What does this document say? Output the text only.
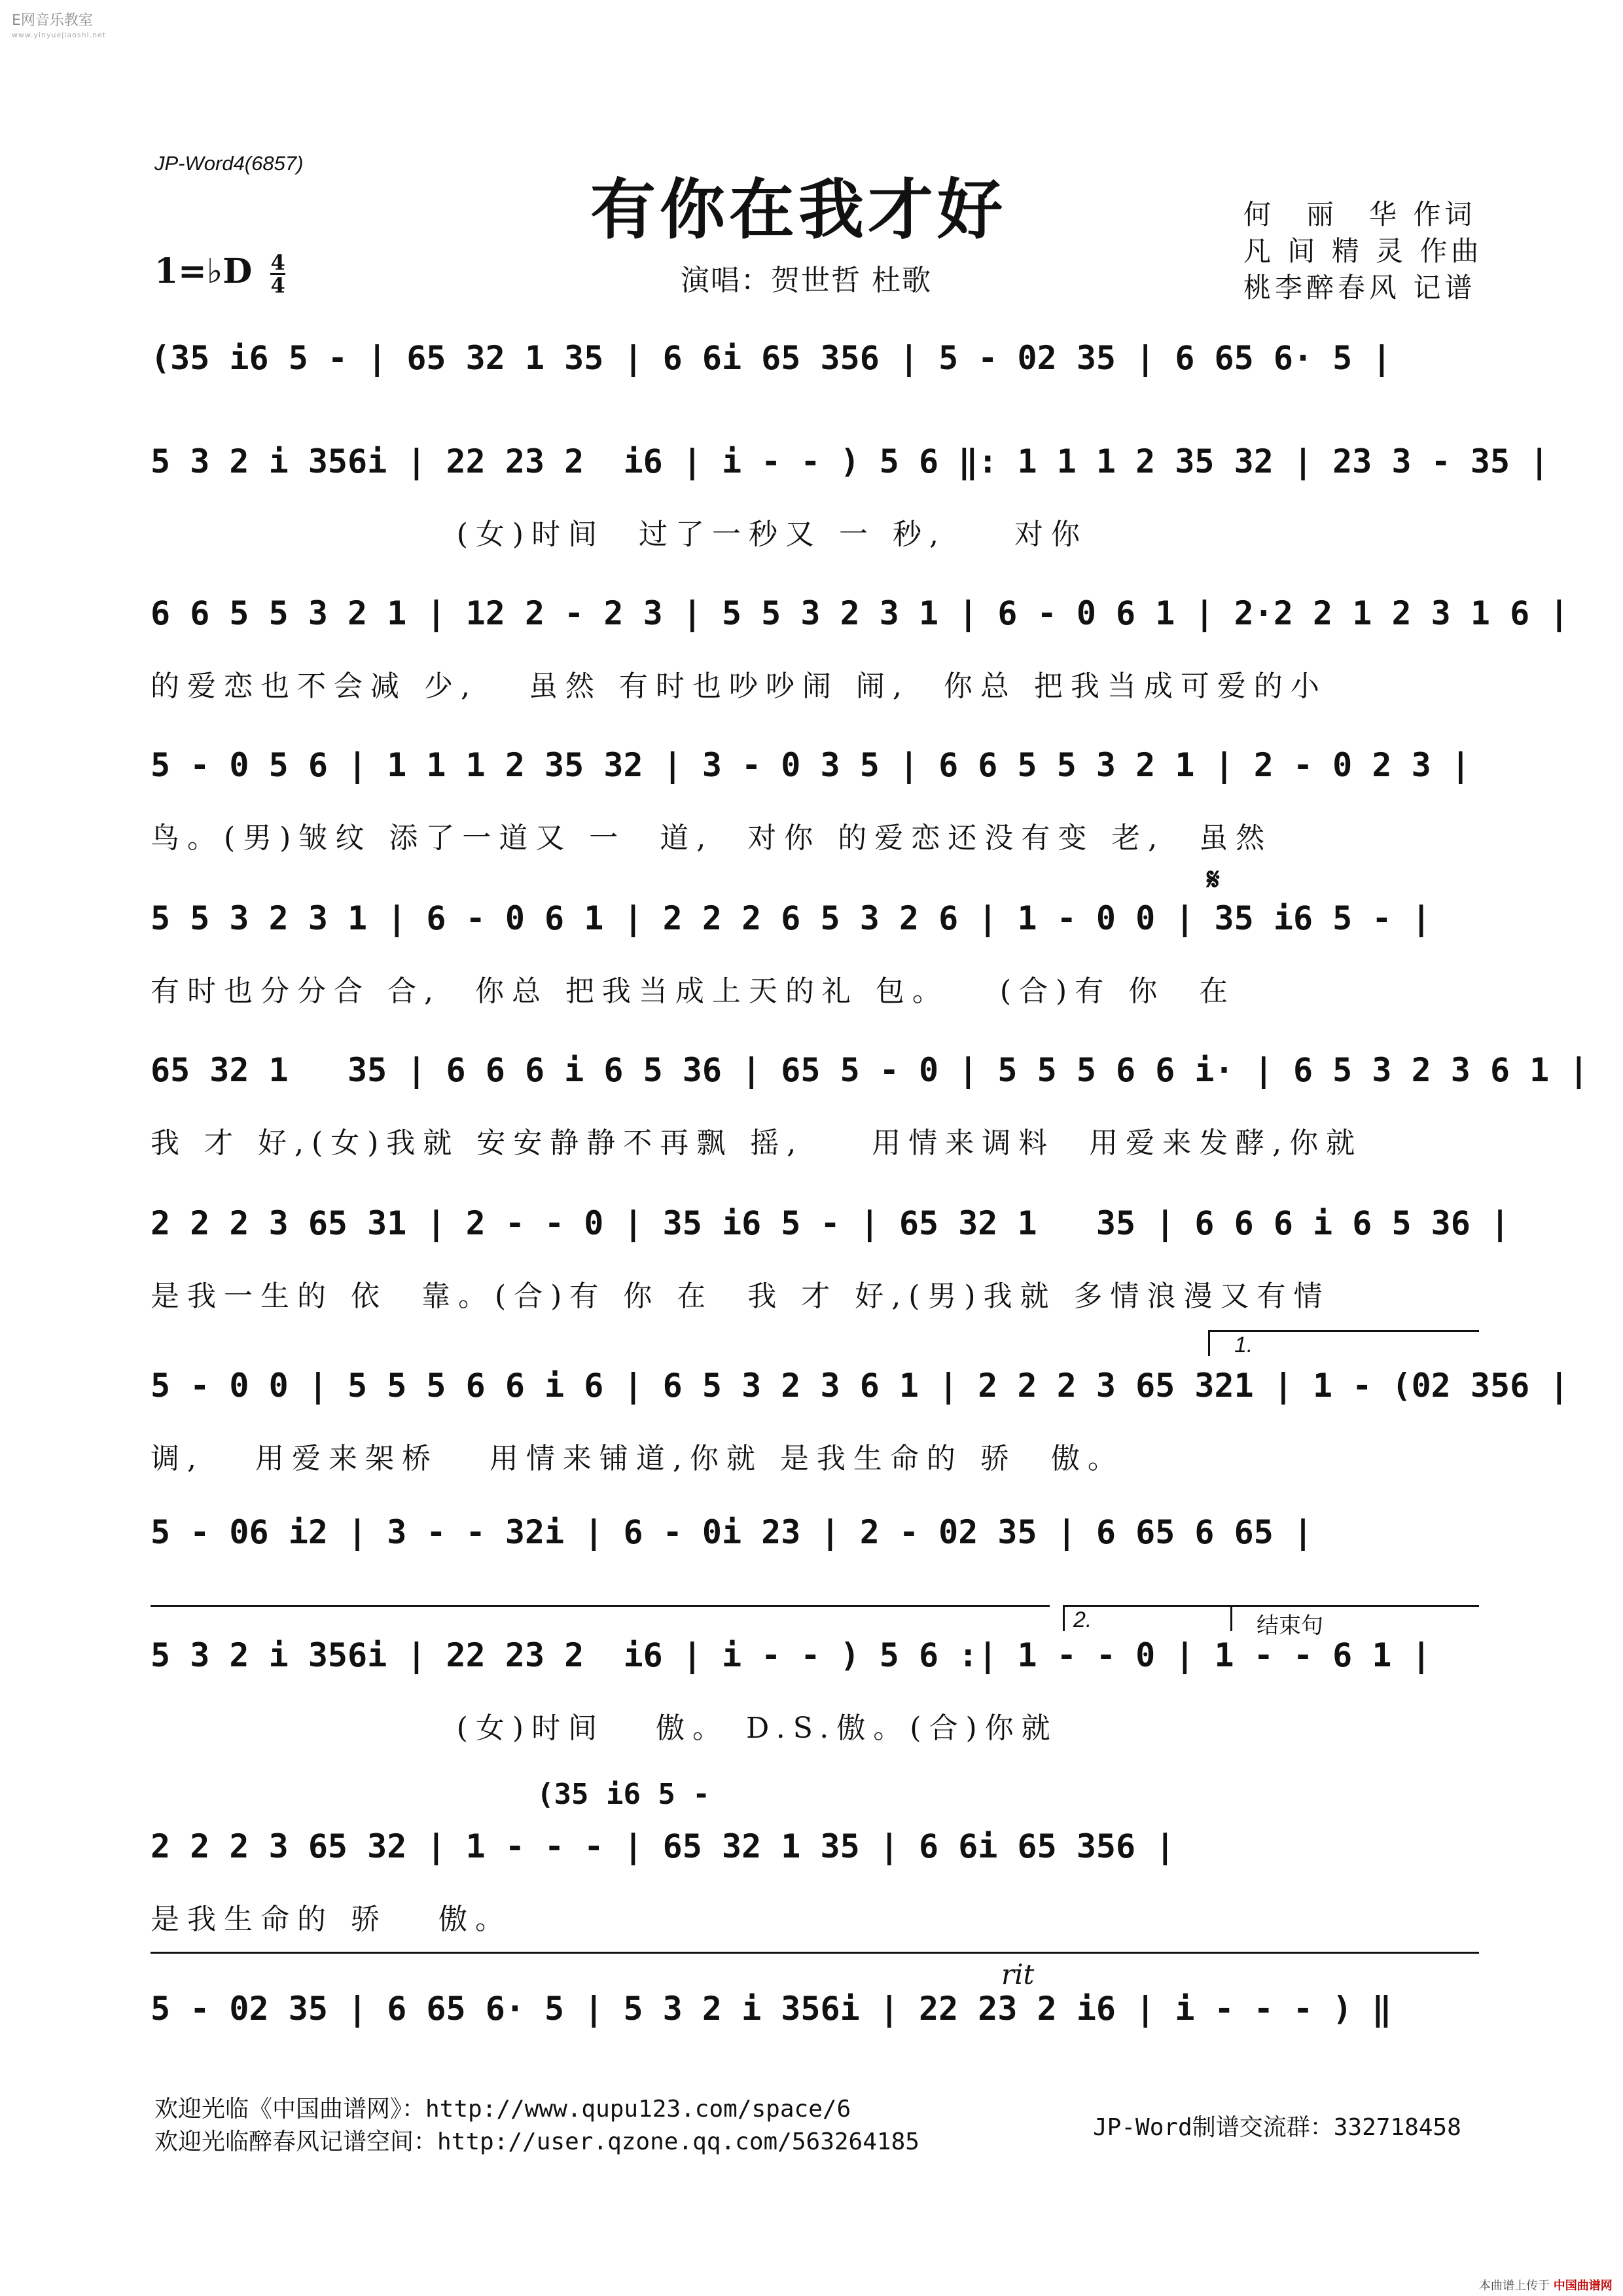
E网音乐教室
www.yinyuejiaoshi.net
JP-Word4(6857)
有你在我才好	何　丽　华 作词
凡 间 精 灵 作曲
桃李醉春风 记谱
1=♭D $\frac{4}{4}$	演唱：贺世哲 杜歌
(35 i6 5 - | 65 32 1 35 | 6 6i 65 356 | 5 - 02 35 | 6 65 6· 5 |
5 3 2 i 356i | 22 23 2  i6 | i - - ) 5 6 ‖: 1 1 1 2 35 32 | 23 3 - 35 |
(女)时间  过了一秒又 一 秒,    对你
6 6 5 5 3 2 1 | 12 2 - 2 3 | 5 5 3 2 3 1 | 6 - 0 6 1 | 2·2 2 1 2 3 1 6 |
的爱恋也不会减 少,   虽然 有时也吵吵闹 闹,  你总 把我当成可爱的小
5 - 0 5 6 | 1 1 1 2 35 32 | 3 - 0 3 5 | 6 6 5 5 3 2 1 | 2 - 0 2 3 |
鸟。(男)皱纹 添了一道又 一  道,  对你 的爱恋还没有变 老,  虽然
𝄋
5 5 3 2 3 1 | 6 - 0 6 1 | 2 2 2 6 5 3 2 6 | 1 - 0 0 | 35 i6 5 - |
有时也分分合 合,  你总 把我当成上天的礼 包。   (合)有 你  在
65 32 1   35 | 6 6 6 i 6 5 36 | 65 5 - 0 | 5 5 5 6 6 i· | 6 5 3 2 3 6 1 |
我 才 好,(女)我就 安安静静不再飘 摇,    用情来调料  用爱来发酵,你就
2 2 2 3 65 31 | 2 - - 0 | 35 i6 5 - | 65 32 1   35 | 6 6 6 i 6 5 36 |
是我一生的 依  靠。(合)有 你 在  我 才 好,(男)我就 多情浪漫又有情
1.
5 - 0 0 | 5 5 5 6 6 i 6 | 6 5 3 2 3 6 1 | 2 2 2 3 65 321 | 1 - (02 356 |
调,   用爱来架桥   用情来铺道,你就 是我生命的 骄  傲。
5 - 06 i2 | 3 - - 32i | 6 - 0i 23 | 2 - 02 35 | 6 65 6 65 |
2.	结束句
5 3 2 i 356i | 22 23 2  i6 | i - - ) 5 6 :| 1 - - 0 | 1 - - 6 1 |
(女)时间   傲。 D.S.傲。(合)你就
(35 i6 5 -
2 2 2 3 65 32 | 1 - - - | 65 32 1 35 | 6 6i 65 356 |
是我生命的 骄   傲。
rit
5 - 02 35 | 6 65 6· 5 | 5 3 2 i 356i | 22 23 2 i6 | i - - - ) ‖
欢迎光临《中国曲谱网》：http://www.qupu123.com/space/6
欢迎光临醉春风记谱空间：http://user.qzone.qq.com/563264185
JP-Word制谱交流群：332718458
本曲谱上传于 中国曲谱网
